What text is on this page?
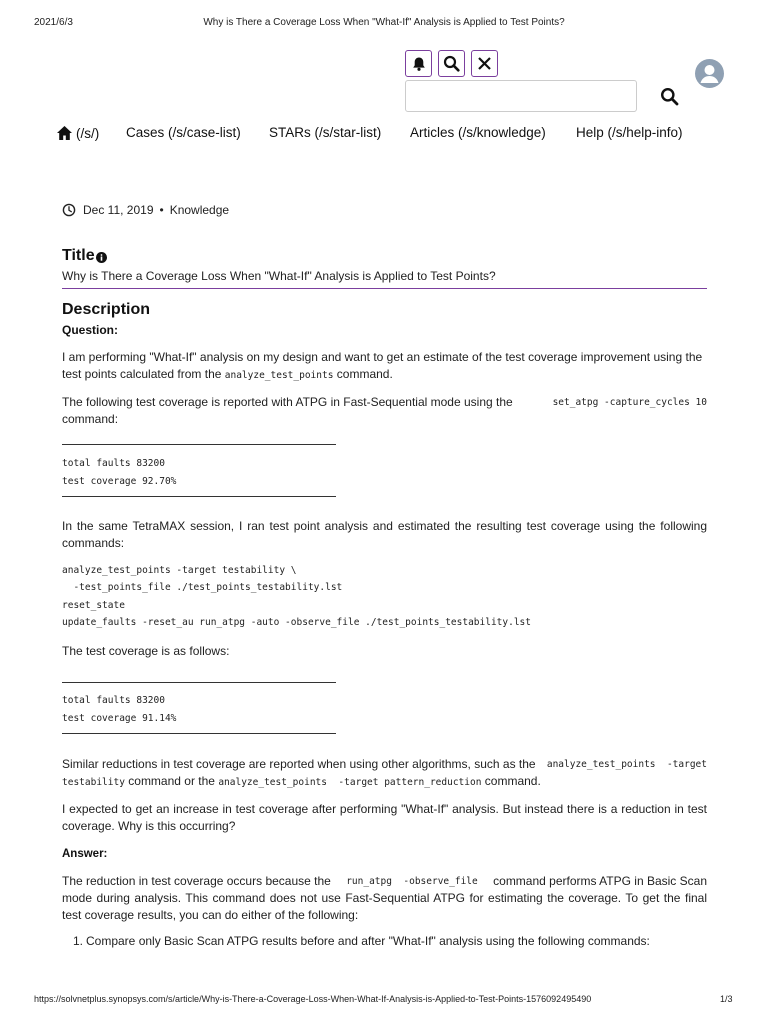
2021/6/3	Why is There a Coverage Loss When "What-If" Analysis is Applied to Test Points?
(/s/) Cases (/s/case-list) STARs (/s/star-list) Articles (/s/knowledge) Help (/s/help-info)
Dec 11, 2019 • Knowledge
Title
Why is There a Coverage Loss When "What-If" Analysis is Applied to Test Points?
Description
Question:
I am performing "What-If" analysis on my design and want to get an estimate of the test coverage improvement using the
test points calculated from the analyze_test_points command.
The following test coverage is reported with ATPG in Fast-Sequential mode using the	set_atpg -capture_cycles 10
command:
total faults 83200
test coverage 92.70%
In the same TetraMAX session, I ran test point analysis and estimated the resulting test coverage using the following commands:
analyze_test_points -target testability \
-test_points_file ./test_points_testability.lst
reset_state
update_faults -reset_au run_atpg -auto -observe_file ./test_points_testability.lst
The test coverage is as follows:
total faults 83200
test coverage 91.14%
Similar reductions in test coverage are reported when using other algorithms, such as the analyze_test_points  -target
testability command or the analyze_test_points  -target pattern_reduction command.
I expected to get an increase in test coverage after performing "What-If" analysis. But instead there is a reduction in test coverage. Why is this occurring?
Answer:
The reduction in test coverage occurs because the run_atpg  -observe_file command performs ATPG in Basic Scan
mode during analysis. This command does not use Fast-Sequential ATPG for estimating the coverage. To get the final test coverage results, you can do either of the following:
1. Compare only Basic Scan ATPG results before and after "What-If" analysis using the following commands:
https://solvnetplus.synopsys.com/s/article/Why-is-There-a-Coverage-Loss-When-What-If-Analysis-is-Applied-to-Test-Points-1576092495490	1/3
